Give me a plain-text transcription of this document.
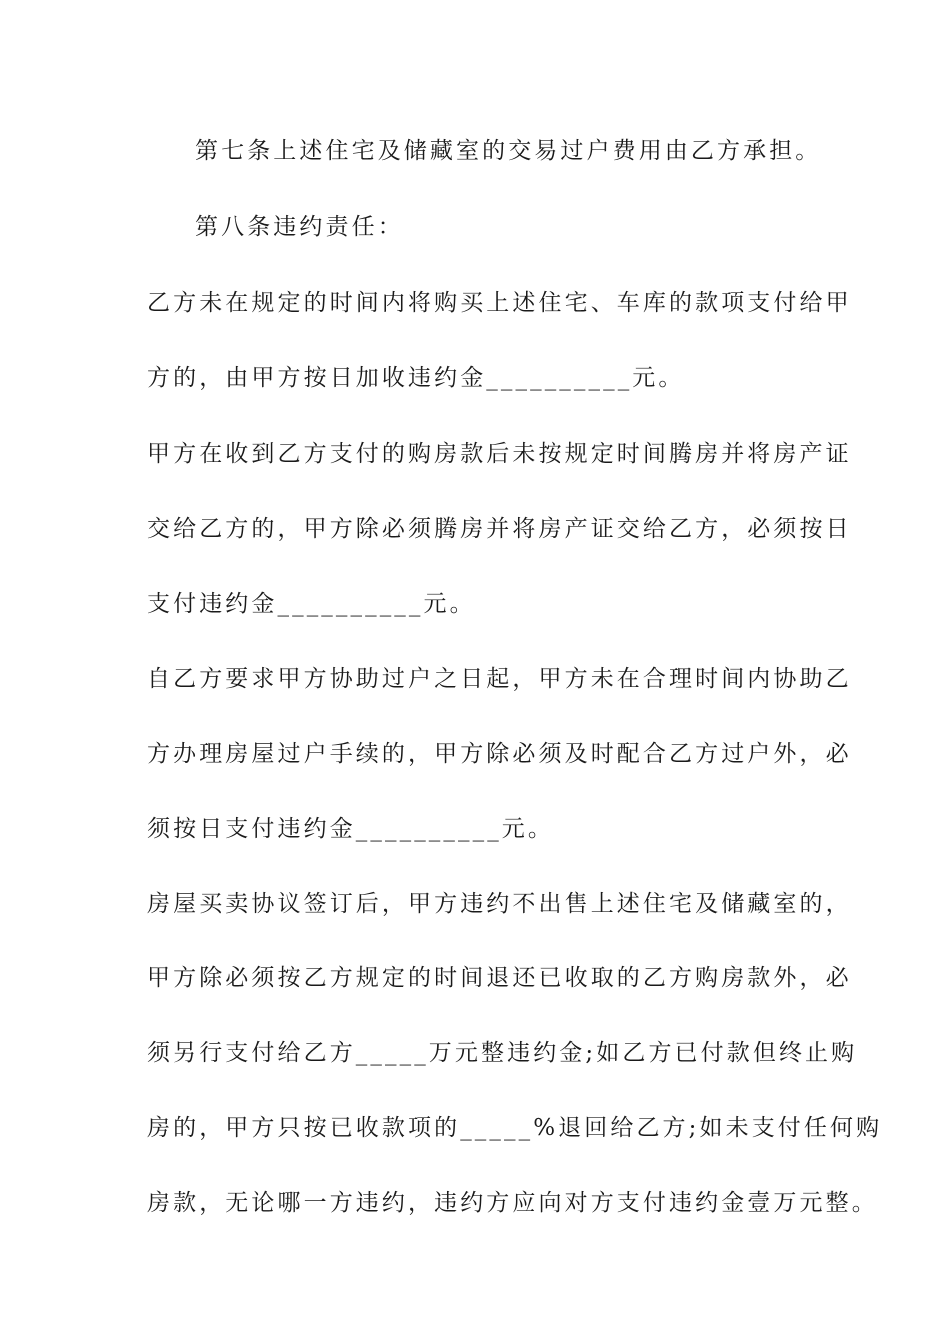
第七条上述住宅及储藏室的交易过户费用由乙方承担。
第八条违约责任：
乙方未在规定的时间内将购买上述住宅、车库的款项支付给甲
方的，由甲方按日加收违约金__________元。
甲方在收到乙方支付的购房款后未按规定时间腾房并将房产证
交给乙方的，甲方除必须腾房并将房产证交给乙方，必须按日
支付违约金__________元。
自乙方要求甲方协助过户之日起，甲方未在合理时间内协助乙
方办理房屋过户手续的，甲方除必须及时配合乙方过户外，必
须按日支付违约金__________元。
房屋买卖协议签订后，甲方违约不出售上述住宅及储藏室的，
甲方除必须按乙方规定的时间退还已收取的乙方购房款外，必
须另行支付给乙方_____万元整违约金;如乙方已付款但终止购
房的，甲方只按已收款项的_____%退回给乙方;如未支付任何购
房款，无论哪一方违约，违约方应向对方支付违约金壹万元整。
